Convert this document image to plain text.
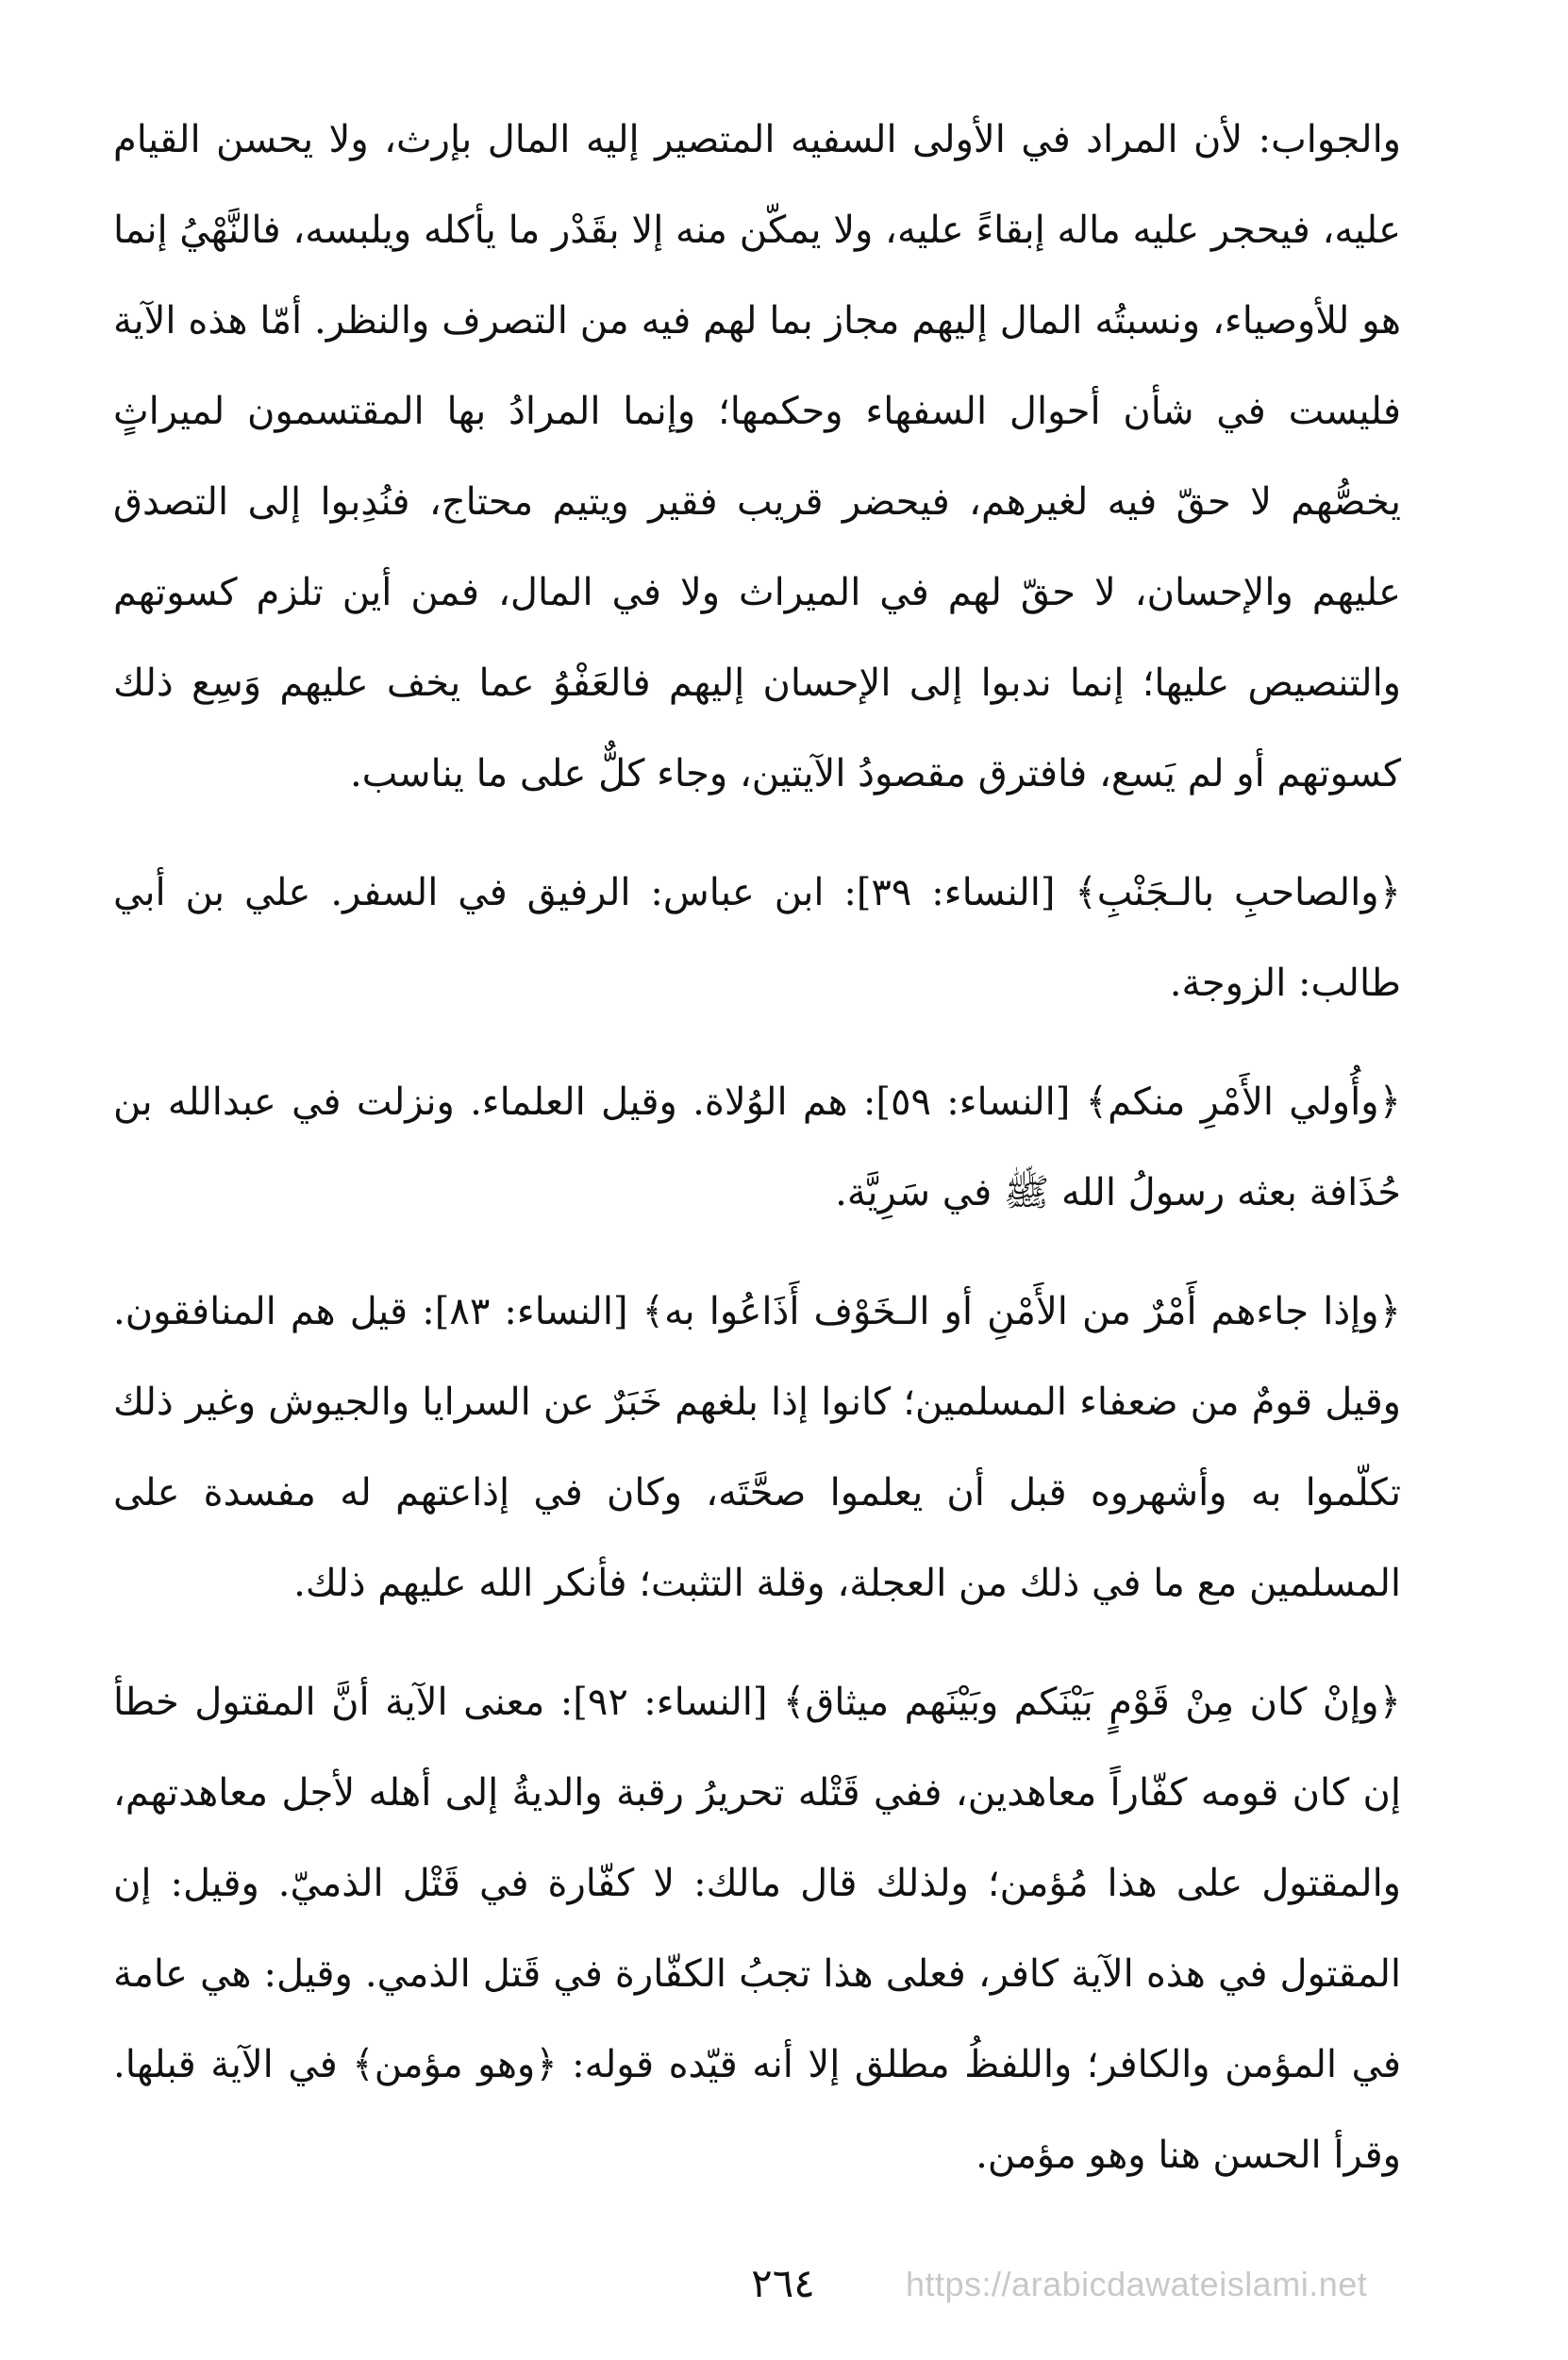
والجواب: لأن المراد في الأولى السفيه المتصير إليه المال بإرث، ولا يحسن القيام عليه، فيحجر عليه ماله إبقاءً عليه، ولا يمكّن منه إلا بقَدْر ما يأكله ويلبسه، فالنَّهْيُ إنما هو للأوصياء، ونسبتُه المال إليهم مجاز بما لهم فيه من التصرف والنظر. أمّا هذه الآية فليست في شأن أحوال السفهاء وحكمها؛ وإنما المرادُ بها المقتسمون لميراثٍ يخصُّهم لا حقّ فيه لغيرهم، فيحضر قريب فقير ويتيم محتاج، فنُدِبوا إلى التصدق عليهم والإحسان، لا حقّ لهم في الميراث ولا في المال، فمن أين تلزم كسوتهم والتنصيص عليها؛ إنما ندبوا إلى الإحسان إليهم فالعَفْوُ عما يخف عليهم وَسِع ذلك كسوتهم أو لم يَسع، فافترق مقصودُ الآيتين، وجاء كلٌّ على ما يناسب.

﴿والصاحبِ بالـجَنْبِ﴾ [النساء: ٣٩]: ابن عباس: الرفيق في السفر. علي بن أبي طالب: الزوجة.

﴿وأُولي الأَمْرِ منكم﴾ [النساء: ٥٩]: هم الوُلاة. وقيل العلماء. ونزلت في عبدالله بن حُذَافة بعثه رسولُ الله ﷺ في سَرِيَّة.

﴿وإذا جاءهم أَمْرٌ من الأَمْنِ أو الـخَوْف أَذَاعُوا به﴾ [النساء: ٨٣]: قيل هم المنافقون. وقيل قومٌ من ضعفاء المسلمين؛ كانوا إذا بلغهم خَبَرٌ عن السرايا والجيوش وغير ذلك تكلّموا به وأشهروه قبل أن يعلموا صحَّتَه، وكان في إذاعتهم له مفسدة على المسلمين مع ما في ذلك من العجلة، وقلة التثبت؛ فأنكر الله عليهم ذلك.

﴿وإنْ كان مِنْ قَوْمٍ بَيْنَكم وبَيْنَهم ميثاق﴾ [النساء: ٩٢]: معنى الآية أنَّ المقتول خطأ إن كان قومه كفّاراً معاهدين، ففي قَتْله تحريرُ رقبة والديةُ إلى أهله لأجل معاهدتهم، والمقتول على هذا مُؤمن؛ ولذلك قال مالك: لا كفّارة في قَتْل الذميّ. وقيل: إن المقتول في هذه الآية كافر، فعلى هذا تجبُ الكفّارة في قَتل الذمي. وقيل: هي عامة في المؤمن والكافر؛ واللفظُ مطلق إلا أنه قيّده قوله: ﴿وهو مؤمن﴾ في الآية قبلها. وقرأ الحسن هنا وهو مؤمن.

٢٦٤	https://arabicdawateislami.net
